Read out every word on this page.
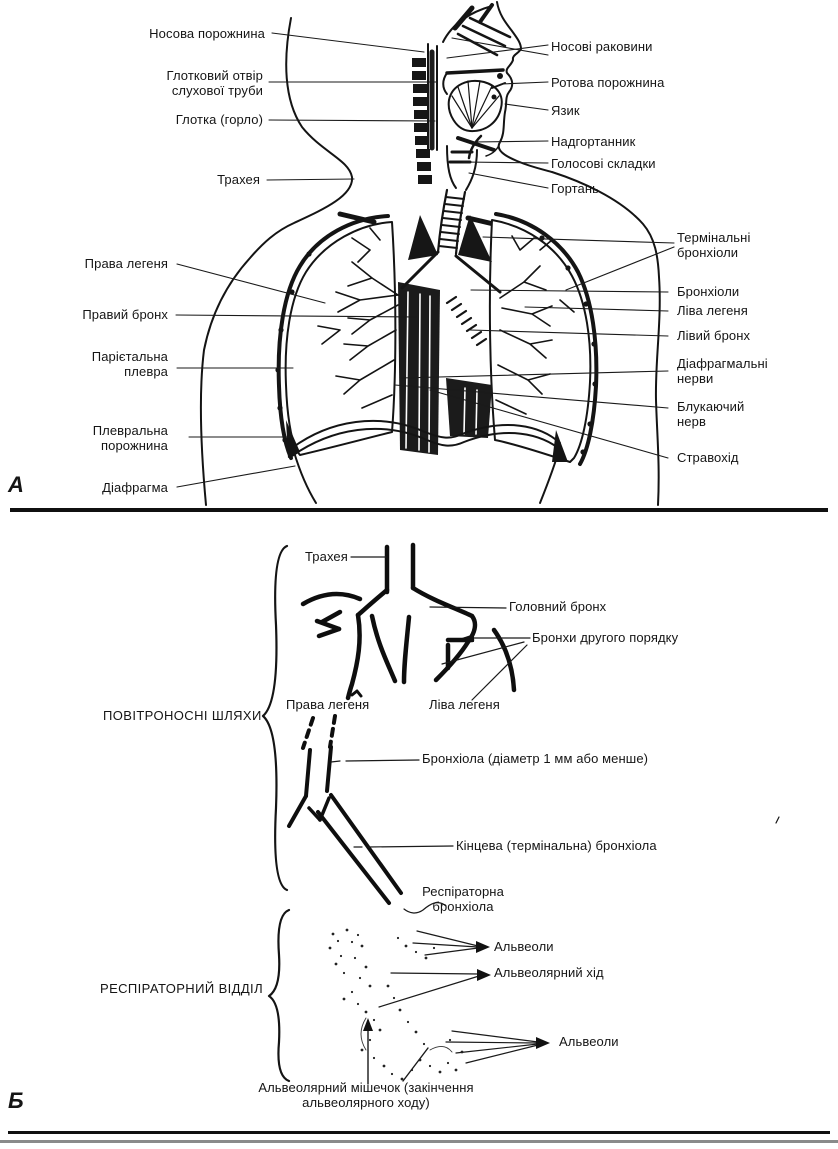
Носова порожнина
Глотковий отвір слухової труби
Глотка (горло)
Трахея
Права легеня
Правий бронх
Парієтальна плевра
Плевральна порожнина
Діафрагма
Носові раковини
Ротова порожнина
Язик
Надгортанник
Голосові складки
Гортань
Термінальні бронхіоли
Бронхіоли
Ліва легеня
Лівий бронх
Діафрагмальні нерви
Блукаючий нерв
Стравохід
А
ПОВІТРОНОСНІ ШЛЯХИ
РЕСПІРАТОРНИЙ ВІДДІЛ
Трахея
Головний бронх
Бронхи другого порядку
Права легеня	Ліва легеня
Бронхіола (діаметр 1 мм або менше)
Кінцева (термінальна) бронхіола
Респіраторна бронхіола
Альвеоли
Альвеолярний хід
Альвеоли
Альвеолярний мішечок (закінчення альвеолярного ходу)
Б
